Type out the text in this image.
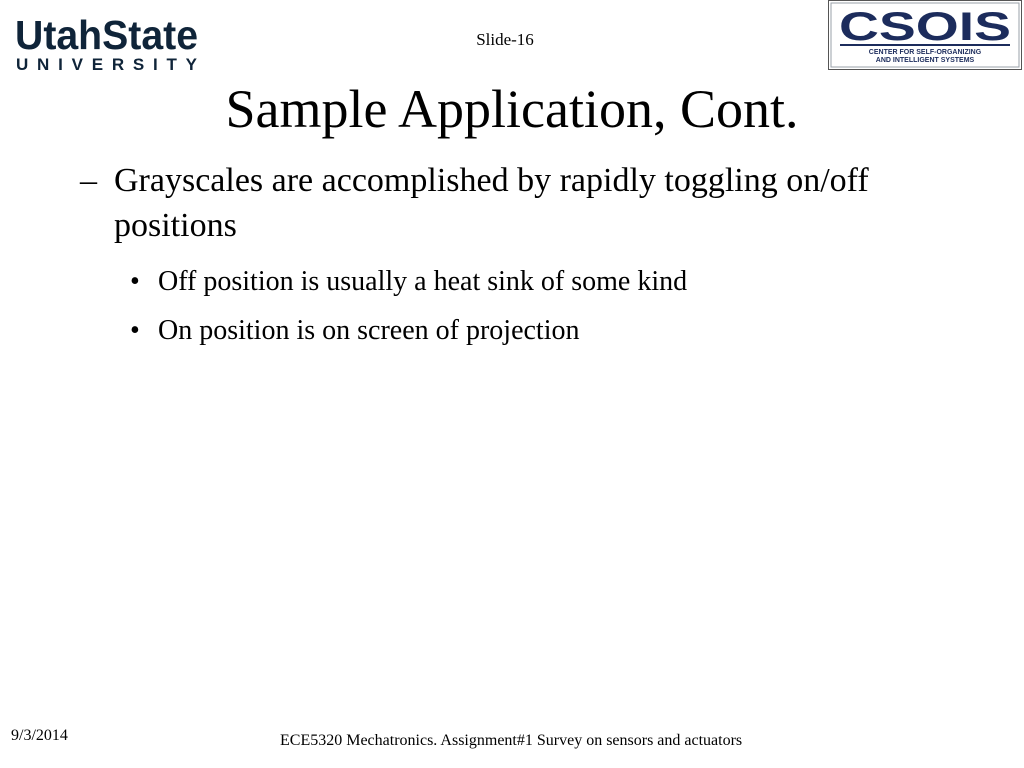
UtahState
UNIVERSITY
Slide-16	CSOIS
CENTER FOR SELF-ORGANIZING
AND INTELLIGENT SYSTEMS
Sample Application, Cont.
– Grayscales are accomplished by rapidly toggling on/off positions
• Off position is usually a heat sink of some kind
• On position is on screen of projection
9/3/2014	ECE5320 Mechatronics. Assignment#1 Survey on sensors and actuators
